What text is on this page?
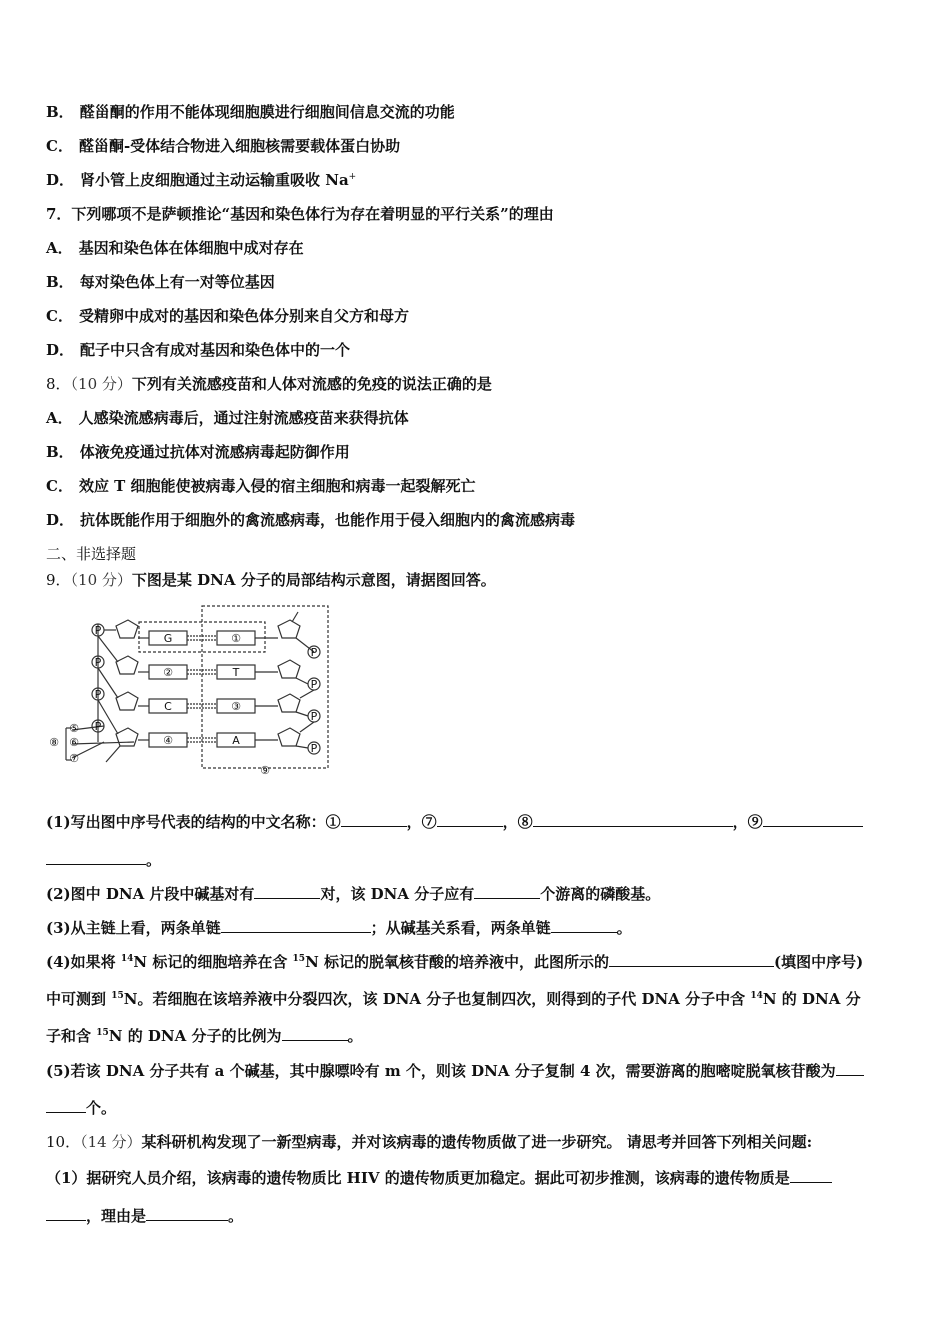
B． 醛甾酮的作用不能体现细胞膜进行细胞间信息交流的功能
C． 醛甾酮-受体结合物进入细胞核需要载体蛋白协助
D． 肾小管上皮细胞通过主动运输重吸收 Na+
7．下列哪项不是萨顿推论“基因和染色体行为存在着明显的平行关系”的理由
A． 基因和染色体在体细胞中成对存在
B． 每对染色体上有一对等位基因
C． 受精卵中成对的基因和染色体分别来自父方和母方
D． 配子中只含有成对基因和染色体中的一个
8．（10 分）下列有关流感疫苗和人体对流感的免疫的说法正确的是
A． 人感染流感病毒后，通过注射流感疫苗来获得抗体
B． 体液免疫通过抗体对流感病毒起防御作用
C． 效应 T 细胞能使被病毒入侵的宿主细胞和病毒一起裂解死亡
D． 抗体既能作用于细胞外的禽流感病毒，也能作用于侵入细胞内的禽流感病毒
二、非选择题
9．（10 分）下图是某 DNA 分子的局部结构示意图，请据图回答。
P
P
P
P
P
P
P
P
G
②
C
④
①
T
③
A
⑤
⑥
⑦
⑧
⑨
(1)写出图中序号代表的结构的中文名称：①	，⑦	，⑧	，⑨
。
(2)图中 DNA 片段中碱基对有	对，该 DNA 分子应有	个游离的磷酸基。
(3)从主链上看，两条单链	；从碱基关系看，两条单链	。
(4)如果将 $^{14}$N 标记的细胞培养在含 $^{15}$N 标记的脱氧核苷酸的培养液中，此图所示的	(填图中序号)
中可测到 $^{15}$N。若细胞在该培养液中分裂四次，该 DNA 分子也复制四次，则得到的子代 DNA 分子中含 $^{14}$N 的 DNA 分
子和含 $^{15}$N 的 DNA 分子的比例为	。
(5)若该 DNA 分子共有 a 个碱基，其中腺嘌呤有 m 个，则该 DNA 分子复制 4 次，需要游离的胞嘧啶脱氧核苷酸为
个。
10．（14 分）某科研机构发现了一新型病毒，并对该病毒的遗传物质做了进一步研究。 请思考并回答下列相关问题:
（1）据研究人员介绍，该病毒的遗传物质比 HIV 的遗传物质更加稳定。据此可初步推测，该病毒的遗传物质是
，理由是	。
